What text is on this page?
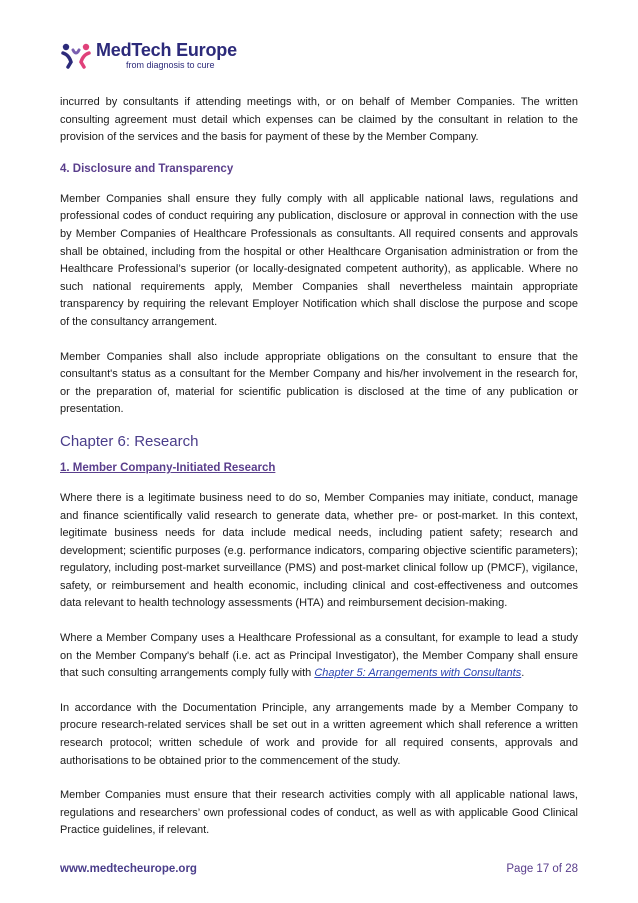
MedTech Europe
from diagnosis to cure

incurred by consultants if attending meetings with, or on behalf of Member Companies. The written consulting agreement must detail which expenses can be claimed by the consultant in relation to the provision of the services and the basis for payment of these by the Member Company.

4. Disclosure and Transparency

Member Companies shall ensure they fully comply with all applicable national laws, regulations and professional codes of conduct requiring any publication, disclosure or approval in connection with the use by Member Companies of Healthcare Professionals as consultants. All required consents and approvals shall be obtained, including from the hospital or other Healthcare Organisation administration or from the Healthcare Professional’s superior (or locally-designated competent authority), as applicable. Where no such national requirements apply, Member Companies shall nevertheless maintain appropriate transparency by requiring the relevant Employer Notification which shall disclose the purpose and scope of the consultancy arrangement.

Member Companies shall also include appropriate obligations on the consultant to ensure that the consultant's status as a consultant for the Member Company and his/her involvement in the research for, or the preparation of, material for scientific publication is disclosed at the time of any publication or presentation.

Chapter 6: Research
1. Member Company-Initiated Research

Where there is a legitimate business need to do so, Member Companies may initiate, conduct, manage and finance scientifically valid research to generate data, whether pre- or post-market. In this context, legitimate business needs for data include medical needs, including patient safety; research and development; scientific purposes (e.g. performance indicators, comparing objective scientific parameters); regulatory, including post-market surveillance (PMS) and post-market clinical follow up (PMCF), vigilance, safety, or reimbursement and health economic, including clinical and cost-effectiveness and outcomes data relevant to health technology assessments (HTA) and reimbursement decision-making.

Where a Member Company uses a Healthcare Professional as a consultant, for example to lead a study on the Member Company's behalf (i.e. act as Principal Investigator), the Member Company shall ensure that such consulting arrangements comply fully with Chapter 5: Arrangements with Consultants.

In accordance with the Documentation Principle, any arrangements made by a Member Company to procure research-related services shall be set out in a written agreement which shall reference a written research protocol; written schedule of work and provide for all required consents, approvals and authorisations to be obtained prior to the commencement of the study.

Member Companies must ensure that their research activities comply with all applicable national laws, regulations and researchers’ own professional codes of conduct, as well as with applicable Good Clinical Practice guidelines, if relevant.

www.medtecheurope.org	Page 17 of 28
